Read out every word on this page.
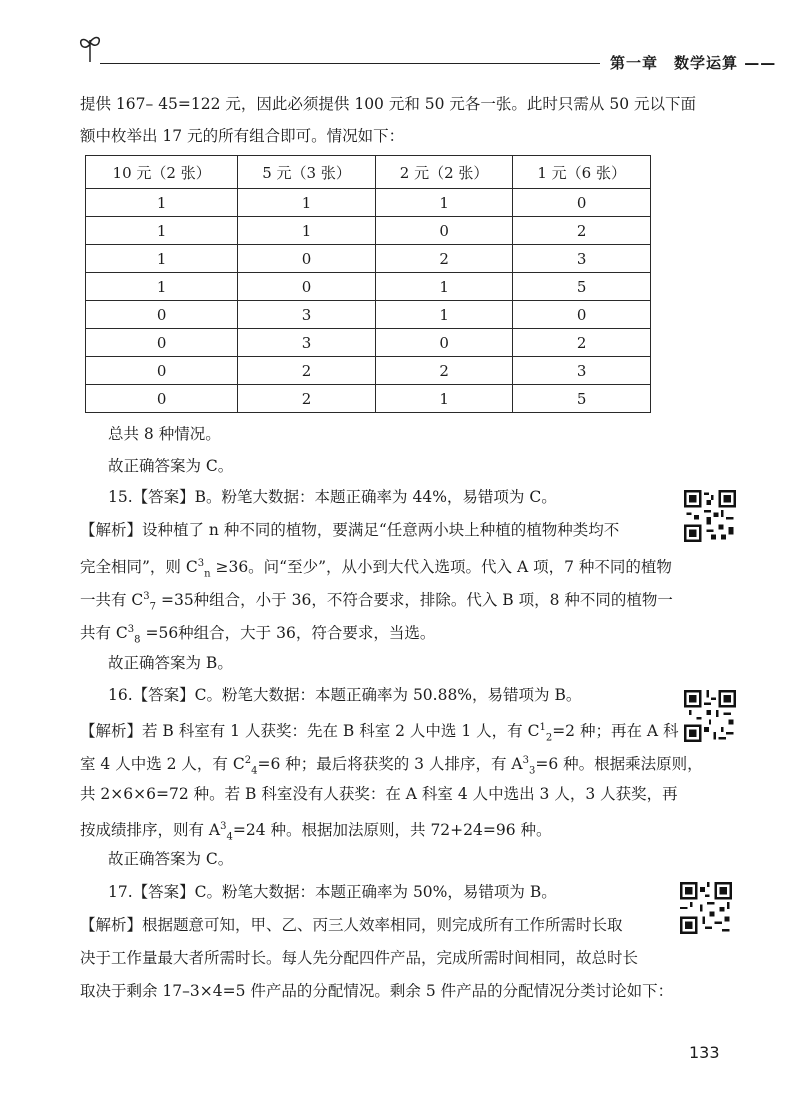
第一章　数学运算 ——
提供 167– 45=122 元，因此必须提供 100 元和 50 元各一张。此时只需从 50 元以下面
额中枚举出 17 元的所有组合即可。情况如下：
10 元（2 张）	5 元（3 张）	2 元（2 张）	1 元（6 张）
1	1	1	0
1	1	0	2
1	0	2	3
1	0	1	5
0	3	1	0
0	3	0	2
0	2	2	3
0	2	1	5
总共 8 种情况。
故正确答案为 C。
15.【答案】B。粉笔大数据：本题正确率为 44%，易错项为 C。
【解析】设种植了 n 种不同的植物，要满足“任意两小块上种植的植物种类均不
完全相同”，则 $C^3_n \ge 36$。问“至少”，从小到大代入选项。代入 A 项，7 种不同的植物
一共有 $C^3_7 =35$种组合，小于 36，不符合要求，排除。代入 B 项，8 种不同的植物一
共有 $C^3_8 =56$种组合，大于 36，符合要求，当选。
故正确答案为 B。
16.【答案】C。粉笔大数据：本题正确率为 50.88%，易错项为 B。
【解析】若 B 科室有 1 人获奖：先在 B 科室 2 人中选 1 人，有 $C^1_2=2$ 种；再在 A 科
室 4 人中选 2 人，有 $C^2_4=6$ 种；最后将获奖的 3 人排序，有 $A^3_3=6$ 种。根据乘法原则，
共 2×6×6=72 种。若 B 科室没有人获奖：在 A 科室 4 人中选出 3 人，3 人获奖，再
按成绩排序，则有 $A^3_4=24$ 种。根据加法原则，共 72+24=96 种。
故正确答案为 C。
17.【答案】C。粉笔大数据：本题正确率为 50%，易错项为 B。
【解析】根据题意可知，甲、乙、丙三人效率相同，则完成所有工作所需时长取
决于工作量最大者所需时长。每人先分配四件产品，完成所需时间相同，故总时长
取决于剩余 17–3×4=5 件产品的分配情况。剩余 5 件产品的分配情况分类讨论如下：
133
